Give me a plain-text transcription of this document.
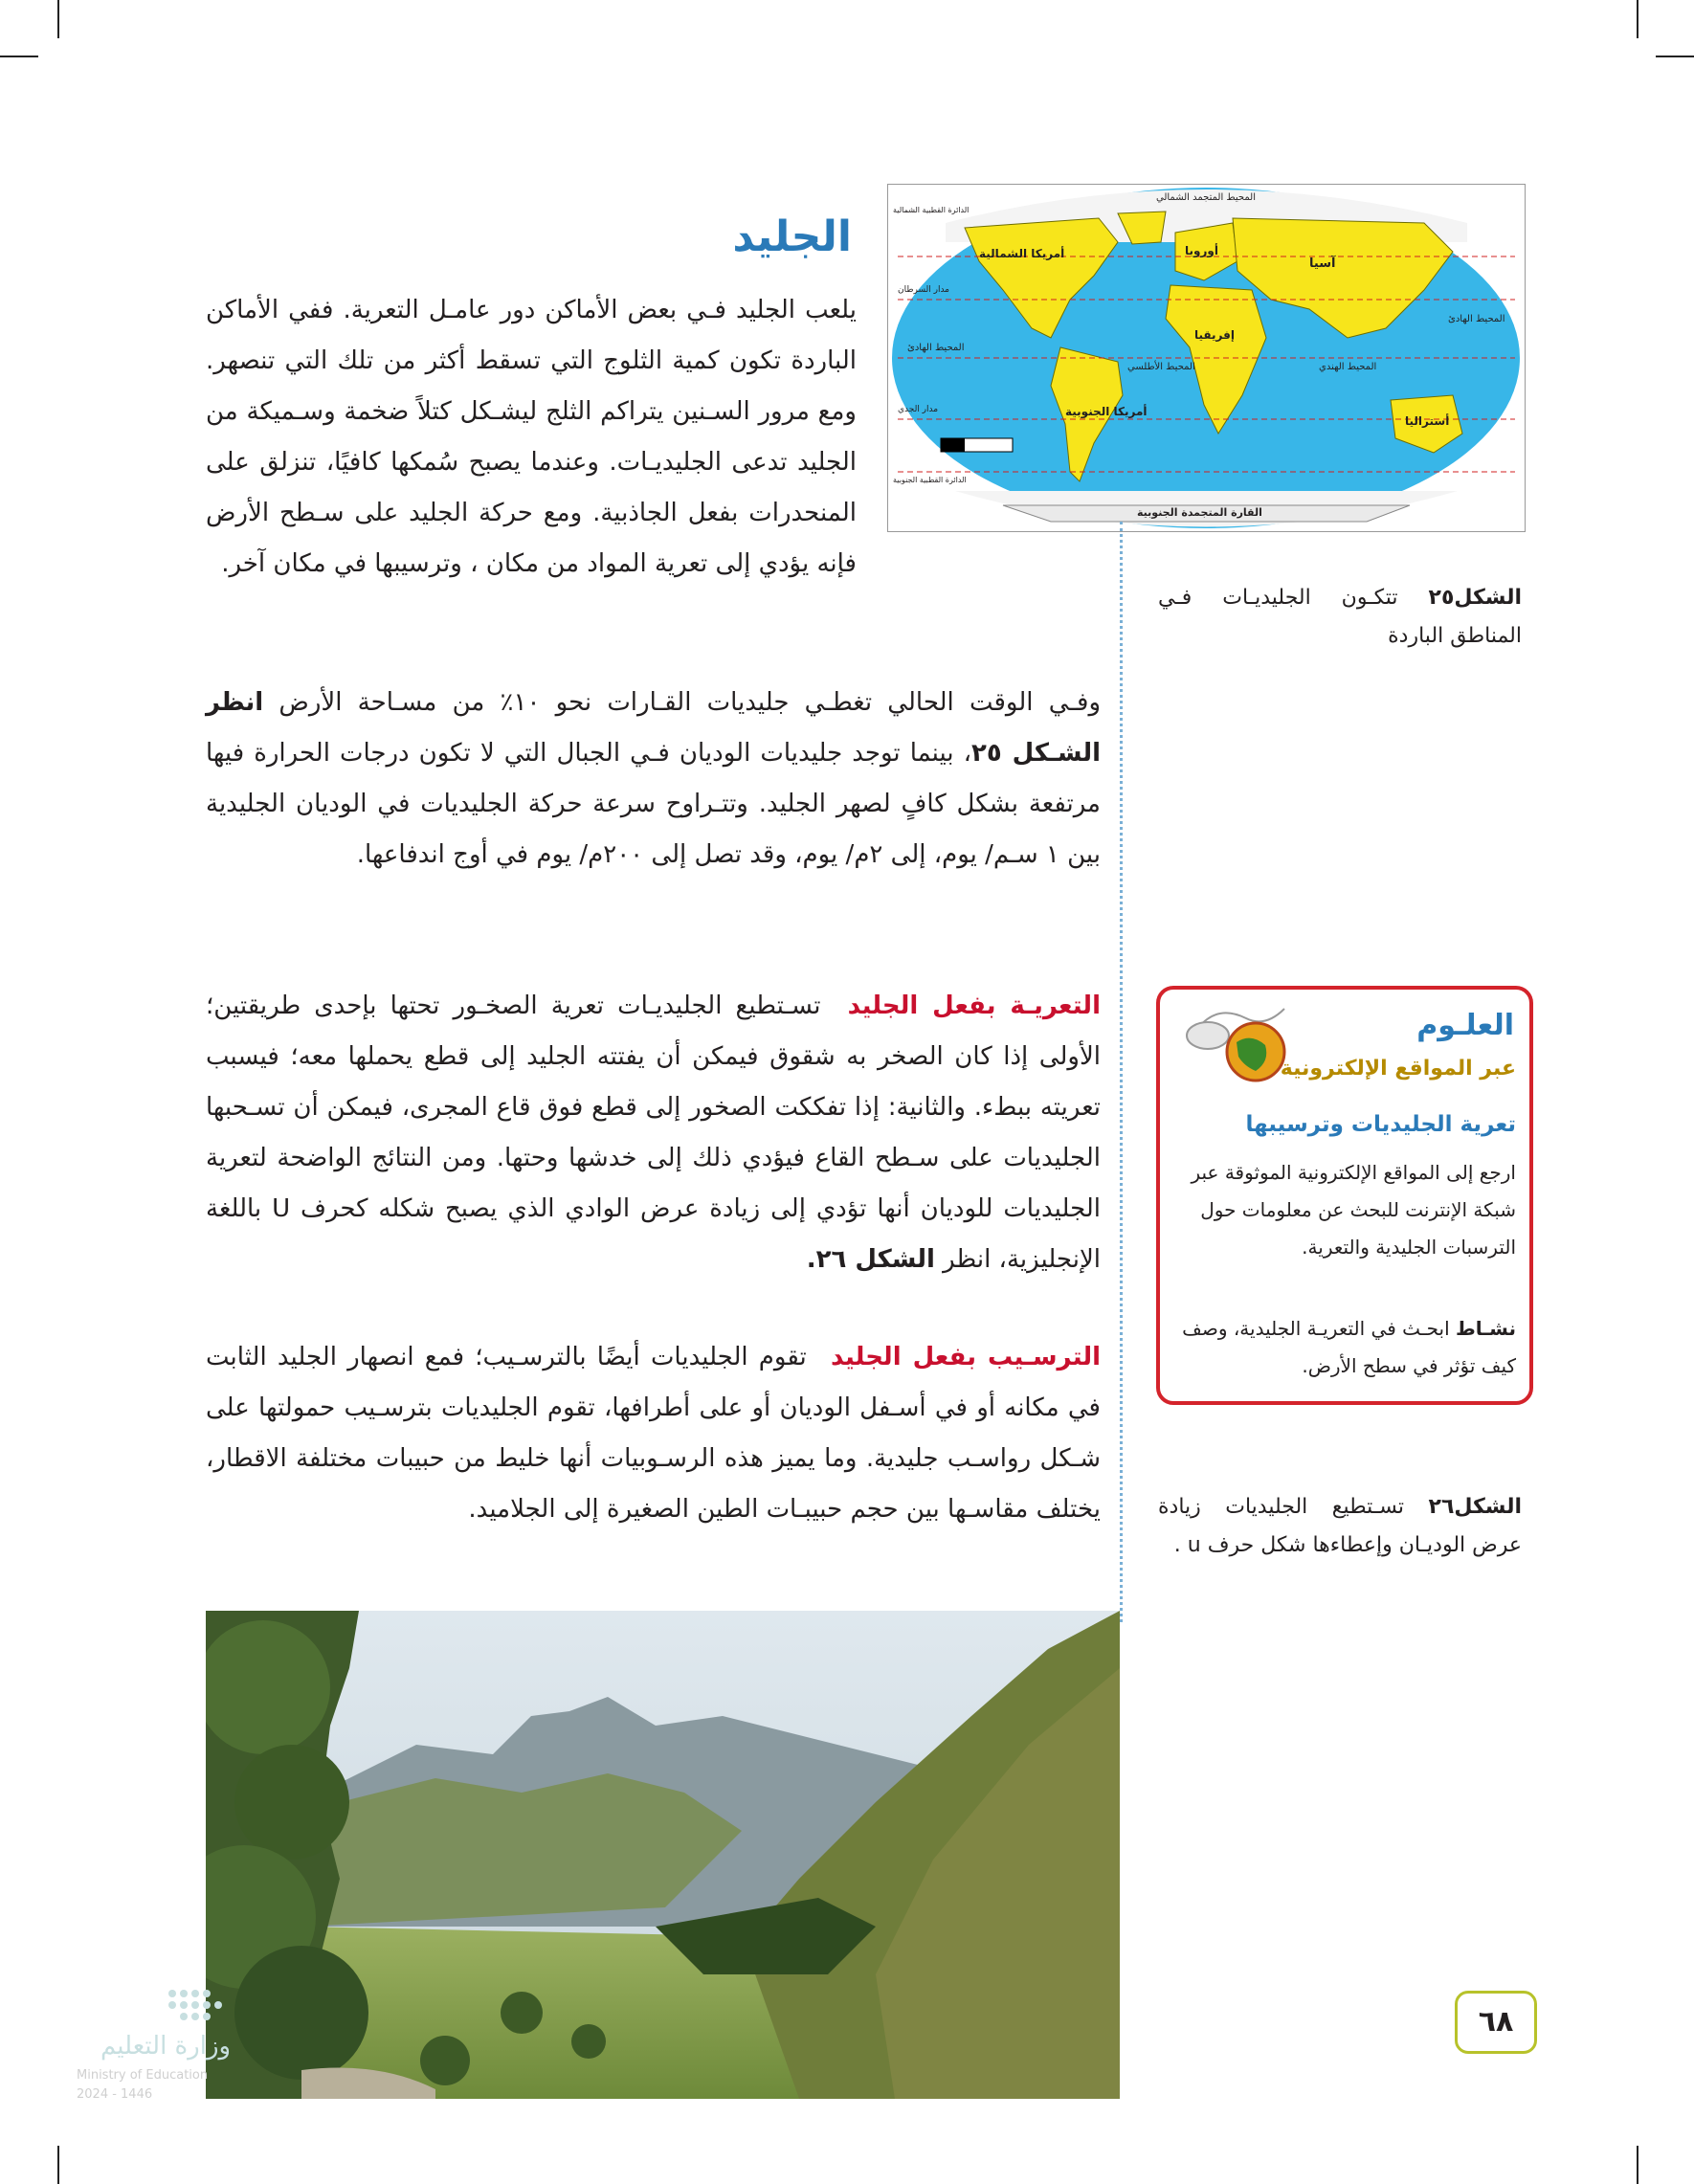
أمريكا الشمالية
أمريكا الجنوبية
أوروبا
آسيا
إفريقيا
أستراليا
القارة المتجمدة الجنوبية
المحيط المتجمد الشمالي
المحيط الهادئ
المحيط الهادئ
المحيط الأطلسي	المحيط الهندي
مدار السرطان
مدار الجدي
الدائرة القطبية الشمالية
الدائرة القطبية الجنوبية
الجليد
يلعب الجليد فـي بعض الأماكن دور عامـل التعرية. ففي الأماكن الباردة تكون كمية الثلوج التي تسقط أكثر من تلك التي تنصهر. ومع مرور السـنين يتراكم الثلج ليشـكل كتلاً ضخمة وسـميكة من الجليد تدعى الجليديـات. وعندما يصبح سُمكها كافيًا، تنزلق على المنحدرات بفعل الجاذبية. ومع حركة الجليد على سـطح الأرض فإنه يؤدي إلى تعرية المواد من مكان ، وترسيبها في مكان آخر.
الشكل٢٥ تتكـون الجليديـات فـي المناطق الباردة
وفـي الوقت الحالي تغطـي جليديات القـارات نحو ١٠٪ من مسـاحة الأرض انظر الشـكل ٢٥، بينما توجد جليديات الوديان فـي الجبال التي لا تكون درجات الحرارة فيها مرتفعة بشكل كافٍ لصهر الجليد. وتتـراوح سرعة حركة الجليديات في الوديان الجليدية بين ١ سـم/ يوم، إلى ٢م/ يوم، وقد تصل إلى ٢٠٠م/ يوم في أوج اندفاعها.
التعريـة بفعل الجليد تسـتطيع الجليديـات تعرية الصخـور تحتها بإحدى طريقتين؛ الأولى إذا كان الصخر به شقوق فيمكن أن يفتته الجليد إلى قطع يحملها معه؛ فيسبب تعريته ببطء. والثانية: إذا تفككت الصخور إلى قطع فوق قاع المجرى، فيمكن أن تسـحبها الجليديات على سـطح القاع فيؤدي ذلك إلى خدشها وحتها. ومن النتائج الواضحة لتعرية الجليديات للوديان أنها تؤدي إلى زيادة عرض الوادي الذي يصبح شكله كحرف U باللغة الإنجليزية، انظر الشكل ٢٦.
الترسـيب بفعل الجليد تقوم الجليديات أيضًا بالترسـيب؛ فمع انصهار الجليد الثابت في مكانه أو في أسـفل الوديان أو على أطرافها، تقوم الجليديات بترسـيب حمولتها على شـكل رواسـب جليدية. وما يميز هذه الرسـوبيات أنها خليط من حبيبات مختلفة الاقطار، يختلف مقاسـها بين حجم حبيبـات الطين الصغيرة إلى الجلاميد.
العلـوم
عبر المواقع الإلكترونية
تعرية الجليديات وترسيبها
ارجع إلى المواقع الإلكترونية الموثوقة عبر شبكة الإنترنت للبحث عن معلومات حول الترسبات الجليدية والتعرية.
نشـاط ابحـث في التعريـة الجليدية، وصف كيف تؤثر في سطح الأرض.
الشكل٢٦ تسـتطيع الجليديات زيادة عرض الوديـان وإعطاءها شكل حرف u .
وزارة التعليم
Ministry of Education
2024 - 1446
٦٨
